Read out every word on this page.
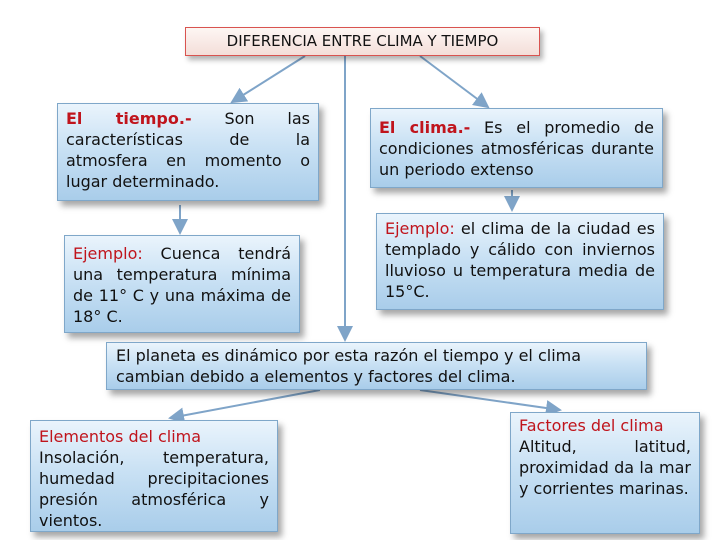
DIFERENCIA ENTRE CLIMA Y TIEMPO
El tiempo.- Son las características de la atmosfera en momento o lugar determinado.
El clima.- Es el promedio de condiciones atmosféricas durante un periodo extenso
Ejemplo: Cuenca tendrá una temperatura mínima de 11° C y una máxima de 18° C.
Ejemplo: el clima de la ciudad es templado y cálido con inviernos lluvioso u temperatura media de 15°C.
El planeta es dinámico por esta razón el tiempo y el clima cambian debido a elementos y factores del clima.
Elementos del clima
Insolación, temperatura, humedad precipitaciones presión atmosférica y vientos.
Factores del clima
Altitud, latitud, proximidad da la mar y corrientes marinas.
